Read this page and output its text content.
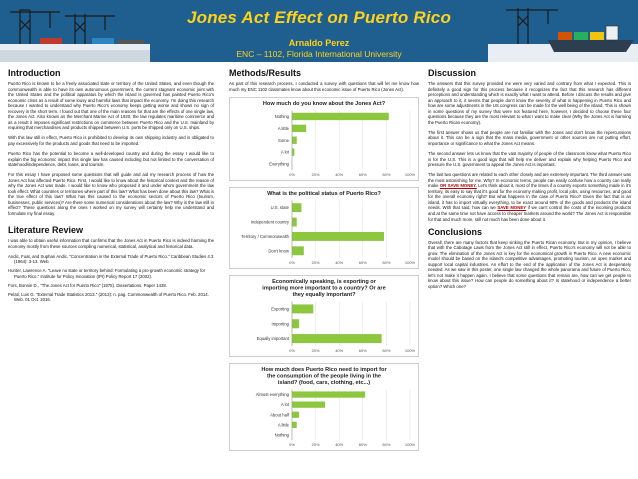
Jones Act Effect on Puerto Rico
Arnaldo Perez
ENC – 1102, Florida International University
Introduction

Puerto Rico is known to be a freely associated state or territory of the United States, and even though the commonwealth is able to have its own autonomous government, the current stagnant economic joint with the United States and the political apparatus by which the island is governed has painted Puerto Rico's economic crisis as a result of some lousy and harmful laws that impact the economy. I'm doing this research because I wanted to understand why Puerto Rico's economy keeps getting worse and shows no sign of recovery in the short term. I found out that one of the main reasons for that are the effects of one single law, the Jones Act. Also known as the Merchant Marine Act of 1920, the law regulates maritime commerce and as a result it imposes significant restrictions on commerce between Puerto Rico and the U.S. mainland by requiring that merchandises and products shipped between U.S. ports be shipped only on U.S. ships.

With this law still in effect, Puerto Rico is prohibited to develop its own shipping industry and is obligated to pay excessively for the products and goods that need to be imported.

Puerto Rico has the potential to become a well-developed country and during the essay I would like to explain the big economic impact this single law has caused including but not limited to the conversation of statehood/independence, debt, loans, and tourism.

For this essay I have proposed some questions that will guide and aid my research process of how the Jones Act has affected Puerto Rico. First, I would like to know about the historical context and the reason of why the Jones Act was made. I would like to know who proposed it and under who's government the law took effect. What countries or territories where part of this law? What has been done about this law? What is the true effect of this law? What has this caused to the economic sectors of Puerto Rico (tourism, businesses, public services)? Are there some numerical considerations about the law? Why is the law still in effect? These questions along the ones I worked on my survey will certainly help me understand and formulate my final essay.

Literature Review

I was able to obtain useful information that confirms that the Jones Act in Puerto Rico is indeed harming the economy mostly from these sources compiling numerical, statistical, analytical and historical data.

Andic, Fuat, and Suphan Andic. "Concentration in the External Trade of Puerto Rico." Caribbean Studies 4.3 (1964): 3-13. Web.
Hunter, Lawrence A. "Leave no state or territory behind: Formulating a pro-growth economic strategy for Puerto Rico." Institute for Policy Innovation (IPI) Policy Report 17 (2002).
Fors, Bonnie D., "The Jones Act for Puerto Rico" (1975). Dissertations. Paper 1438.
Pelati, Luis G. "External Trade Statistics 2013." (2013): n. pag. Commonwealth of Puerto Rico. Feb. 2014. Web. 01 Oct. 2016.
Methods/Results

As part of this research process, I conducted a survey with questions that will let me know how much my ENC 1102 classmates know about this economic issue of Puerto Rico (Jones Act).

How much do you know about the Jones Act?
0%	20%	40%	60%	80%	100%
Nothing
A little
Some
A lot
Everything
What is the political status of Puerto Rico?
0%	20%	40%	60%	80%	100%
U.S. state
Independent country
Territory / Commonwealth
Don't know
Economically speaking, is exporting or
importing more important to a country? Or are
they equally important?
0%	20%	40%	60%	80%	100%
Exporting
Importing
Equally important
How much does Puerto Rico need to import for
the consumption of the people living in the
island? (food, cars, clothing, etc...)
0%	20%	40%	60%	80%	100%
Almost everything
A lot
About half
A little
Nothing
Discussion

The answers that this survey provided me were very varied and contrary from what I expected. This is definitely a good sign for this process because it recognizes the fact that this research has different perceptions and understanding which is exactly what I want to attend. Before I discuss the results and give an approach to it, it seems that people don't know the severity of what is happening in Puerto Rico and how are some adjustments in the US congress can be made for the well being of the island. This is shown in some questions of my survey that were not featured here, however, I decided to choose these four questions because they are the most relevant to what I want to make clear (Why the Jones Act is harming the Puerto Rican economy).

The first answer shows us that people are not familiar with the Jones and don't know the repercussions about it. This can be a sign that the mass media, government or other sources are not putting effort, importance or significance to what the Jones Act means.

The second answer lets us know that the vast majority of people of the classroom know what Puerto Rico is for the U.S. This is a good sign that will help me deliver and explain why helping Puerto Rico and pressure the U.S. government to appeal the Jones Act is important.

The last two questions are related to each other closely and are extremely important. The third answer was the most astonishing for me. Why? In economic terms, people can easily confuse how a country can really make OR SAVE MONEY. Let's think about it, most of the times if a country exports something made in it's territory, its easy to say that it's good for the economy making profit, local jobs, using resources, and good for the overall economy right? But what happens in the case of Puerto Rico? Given the fact that is an island, it has to import virtually everything, to be exact around 90% of the goods and products the island needs. With that said, how can we SAVE MONEY if we can't control the costs of the incoming products and at the same time not have access to cheaper markets around the world? The Jones Act is responsible for that and much more, still not much has been done about it.

Conclusions

Overall, there are many factors that keep sinking the Puerto Rican economy. But in my opinion, I believe that with the Cabotage Laws from the Jones Act still in effect, Puerto Rico's economy will not be able to grow. The elimination of the Jones Act is key for the economical growth in Puerto Rico. A new economic model should be based on the island's competitive advantages, promoting tourism, an open market and support local capital industries. An effort to the end of the application of the Jones Act is desperately needed. As we saw in this poster, one single law changed the whole panorama and future of Puerto Rico, let's not make it happen again. I believe that some questions that remain are, how can we get people to know about this issue? How can people do something about it? Is statehood or independence a better option? Which one?
